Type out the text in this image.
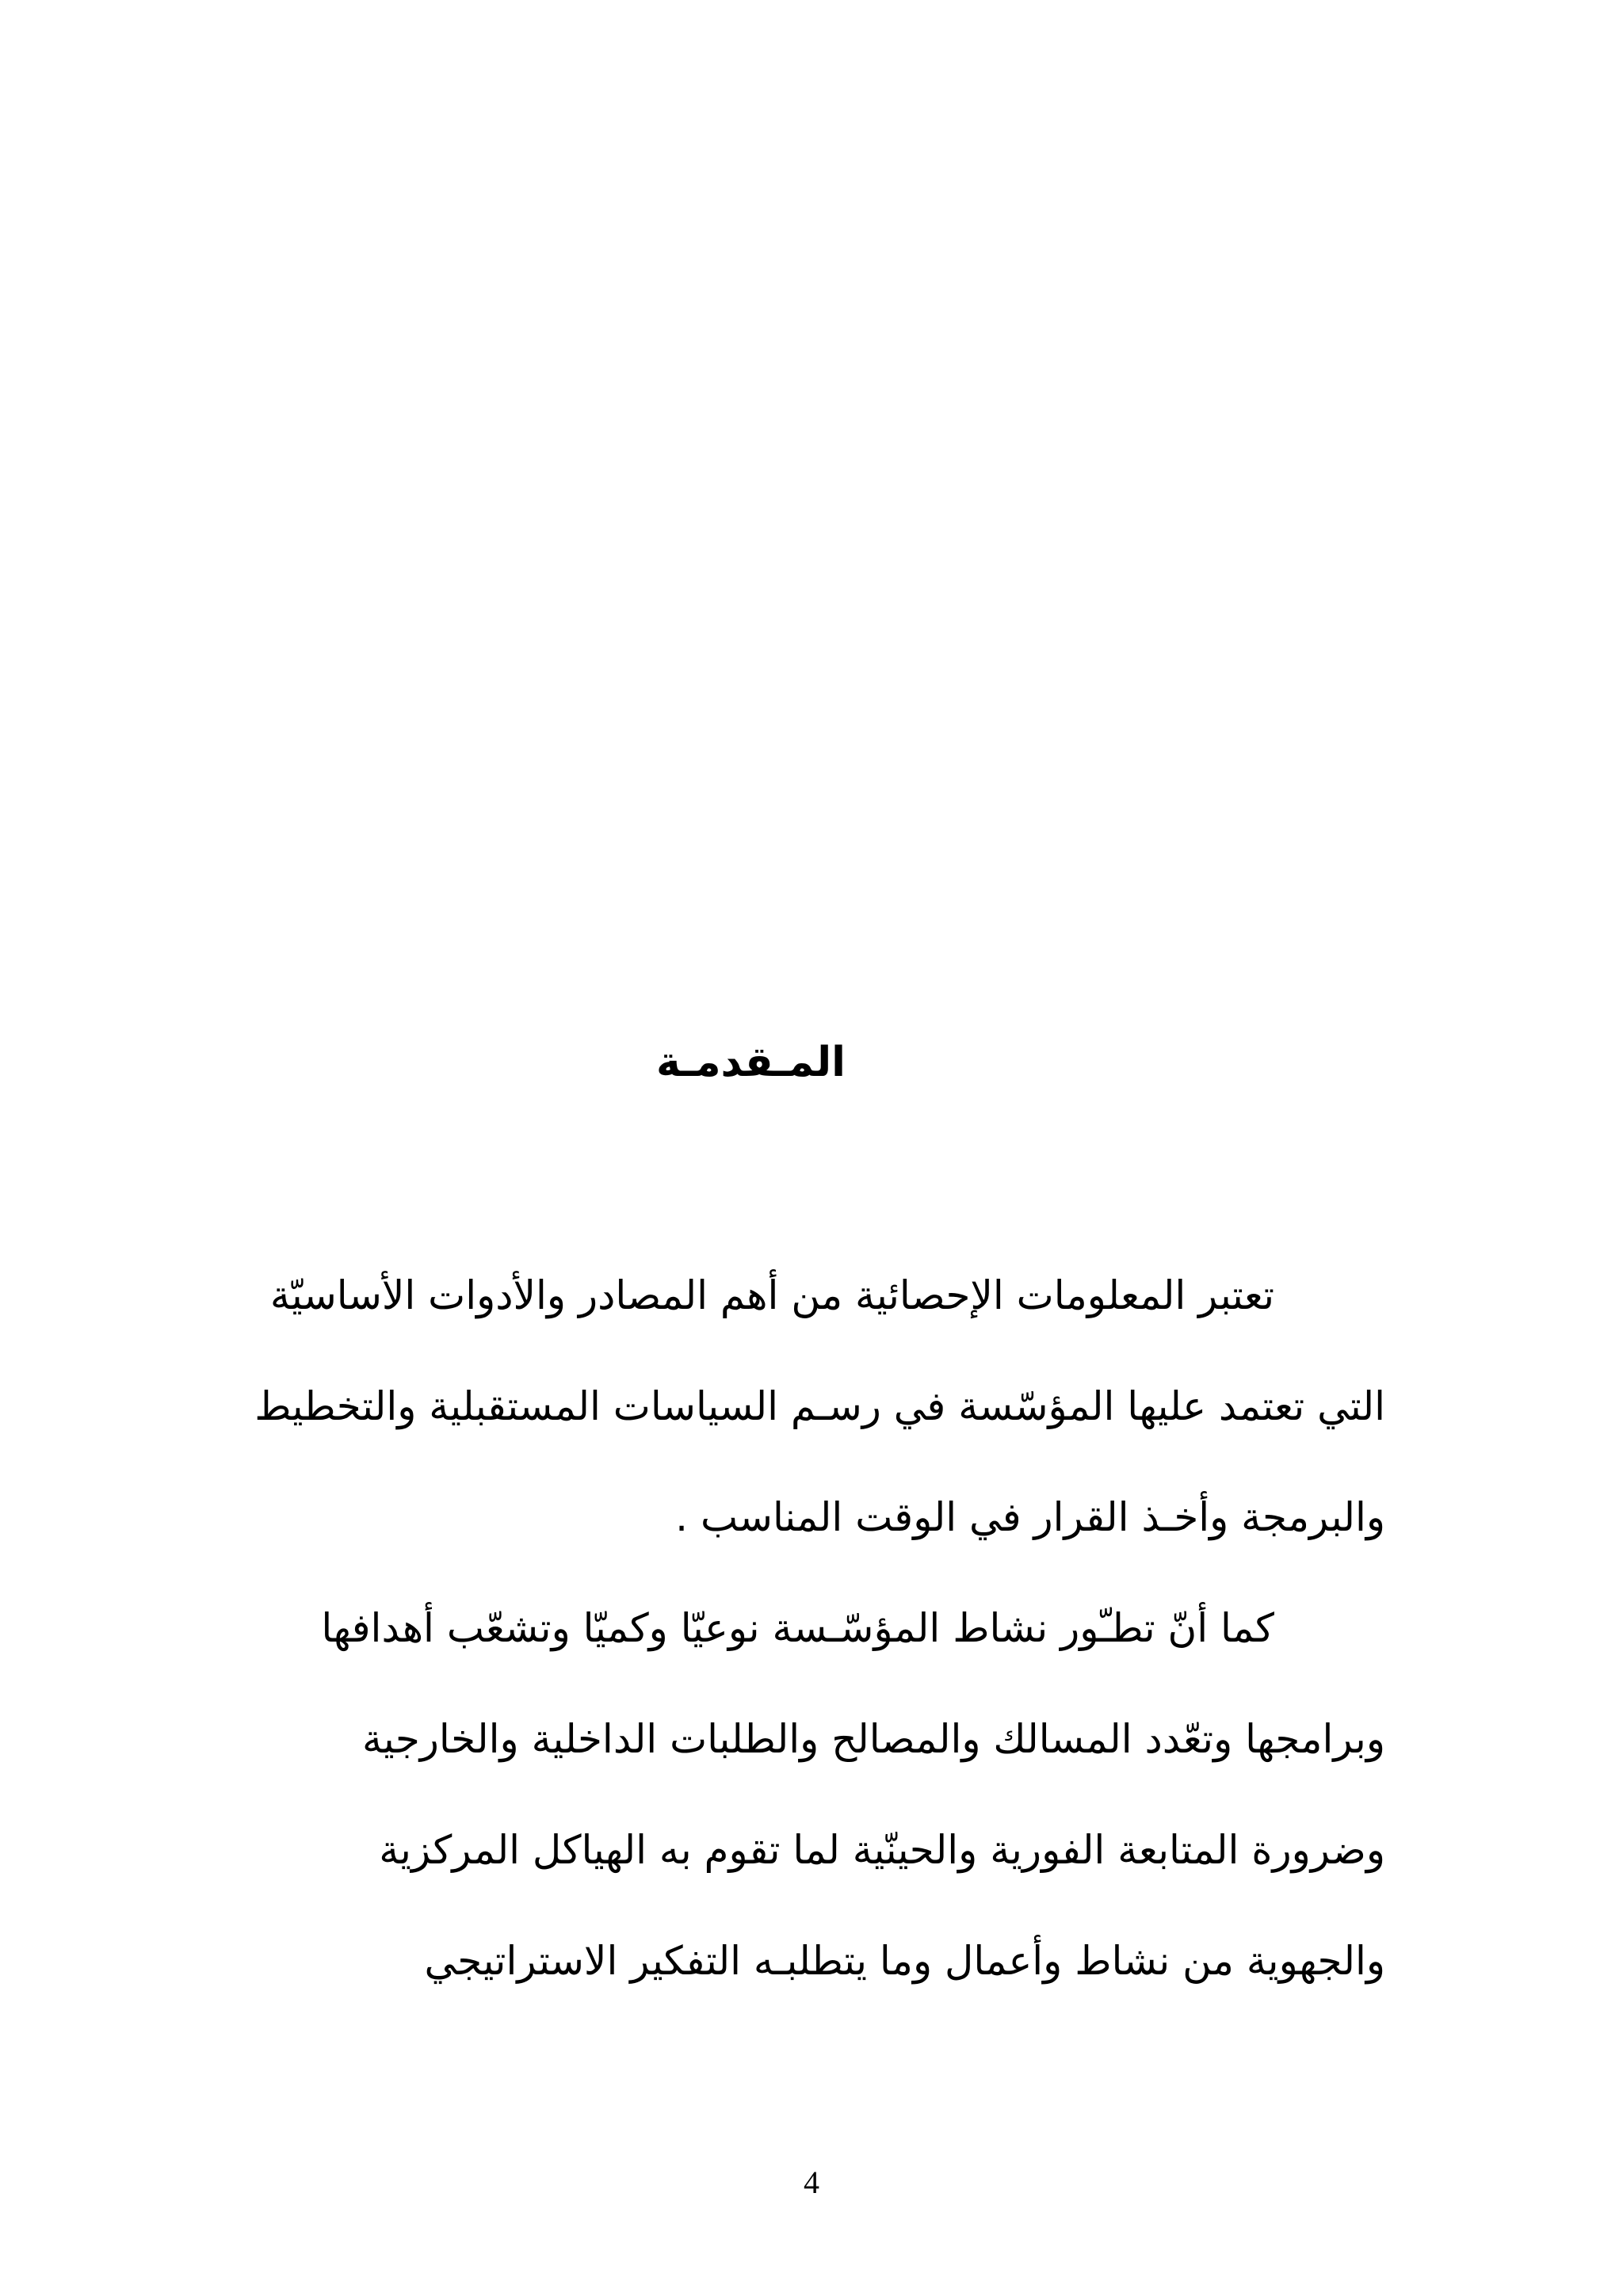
المـقدمـة
تعتبر المعلومات الإحصائية من أهم المصادر والأدوات الأساسيّة
التي تعتمد عليها المؤسّسة في رسـم السياسات المستقبلية والتخطيط
والبرمجة وأخـذ القرار في الوقت المناسب .
كما أنّ تطـّور نشاط المؤسّـسة نوعيّا وكميّا وتشعّب أهدافها
وبرامجها وتعّدد المسالك والمصالح والطلبات الداخلية والخارجية
وضرورة المتابعة الفورية والحينّية لما تقوم به الهياكل المركزية
والجهوية من نشاط وأعمال وما يتطلبـه التفكير الاستراتيجي
4
